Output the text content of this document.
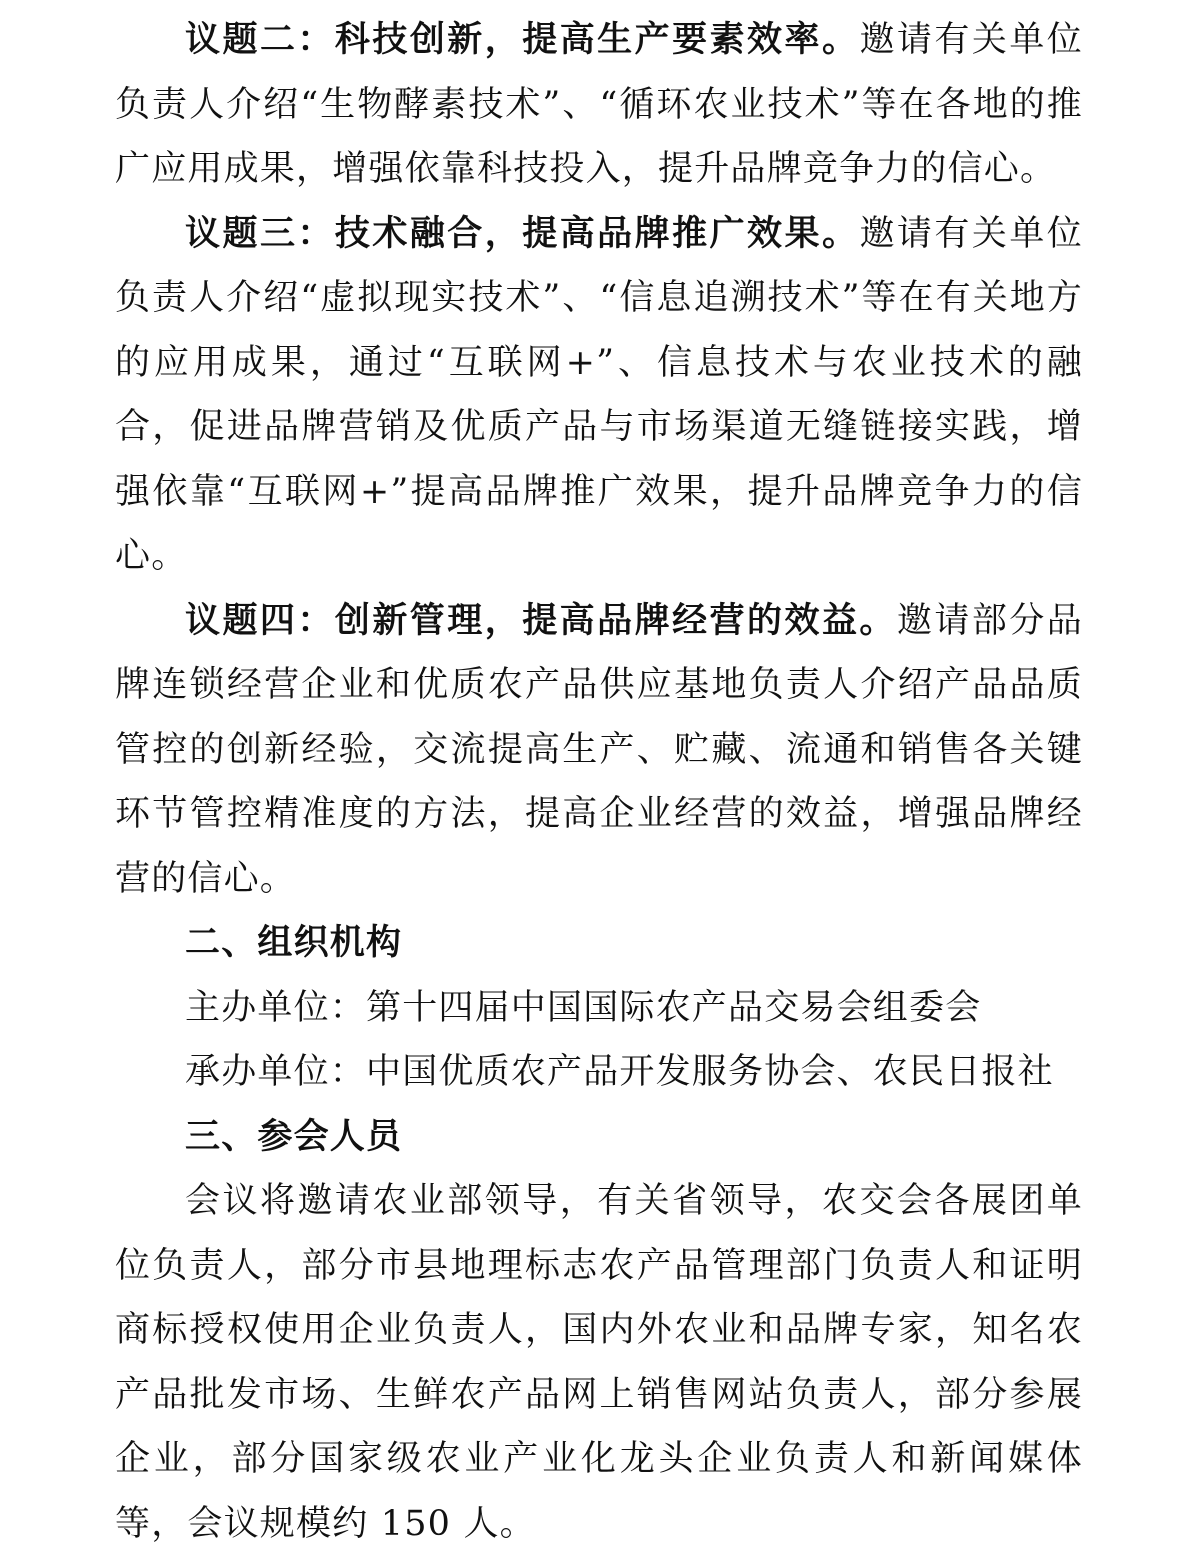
议题二：科技创新，提高生产要素效率。邀请有关单位负责人介绍“生物酵素技术”、“循环农业技术”等在各地的推广应用成果，增强依靠科技投入，提升品牌竞争力的信心。

议题三：技术融合，提高品牌推广效果。邀请有关单位负责人介绍“虚拟现实技术”、“信息追溯技术”等在有关地方的应用成果，通过“互联网+”、信息技术与农业技术的融合，促进品牌营销及优质产品与市场渠道无缝链接实践，增强依靠“互联网+”提高品牌推广效果，提升品牌竞争力的信心。

议题四：创新管理，提高品牌经营的效益。邀请部分品牌连锁经营企业和优质农产品供应基地负责人介绍产品品质管控的创新经验，交流提高生产、贮藏、流通和销售各关键环节管控精准度的方法，提高企业经营的效益，增强品牌经营的信心。

二、组织机构

主办单位：第十四届中国国际农产品交易会组委会

承办单位：中国优质农产品开发服务协会、农民日报社

三、参会人员

会议将邀请农业部领导，有关省领导，农交会各展团单位负责人，部分市县地理标志农产品管理部门负责人和证明商标授权使用企业负责人，国内外农业和品牌专家，知名农产品批发市场、生鲜农产品网上销售网站负责人，部分参展企业，部分国家级农业产业化龙头企业负责人和新闻媒体等，会议规模约 150 人。
